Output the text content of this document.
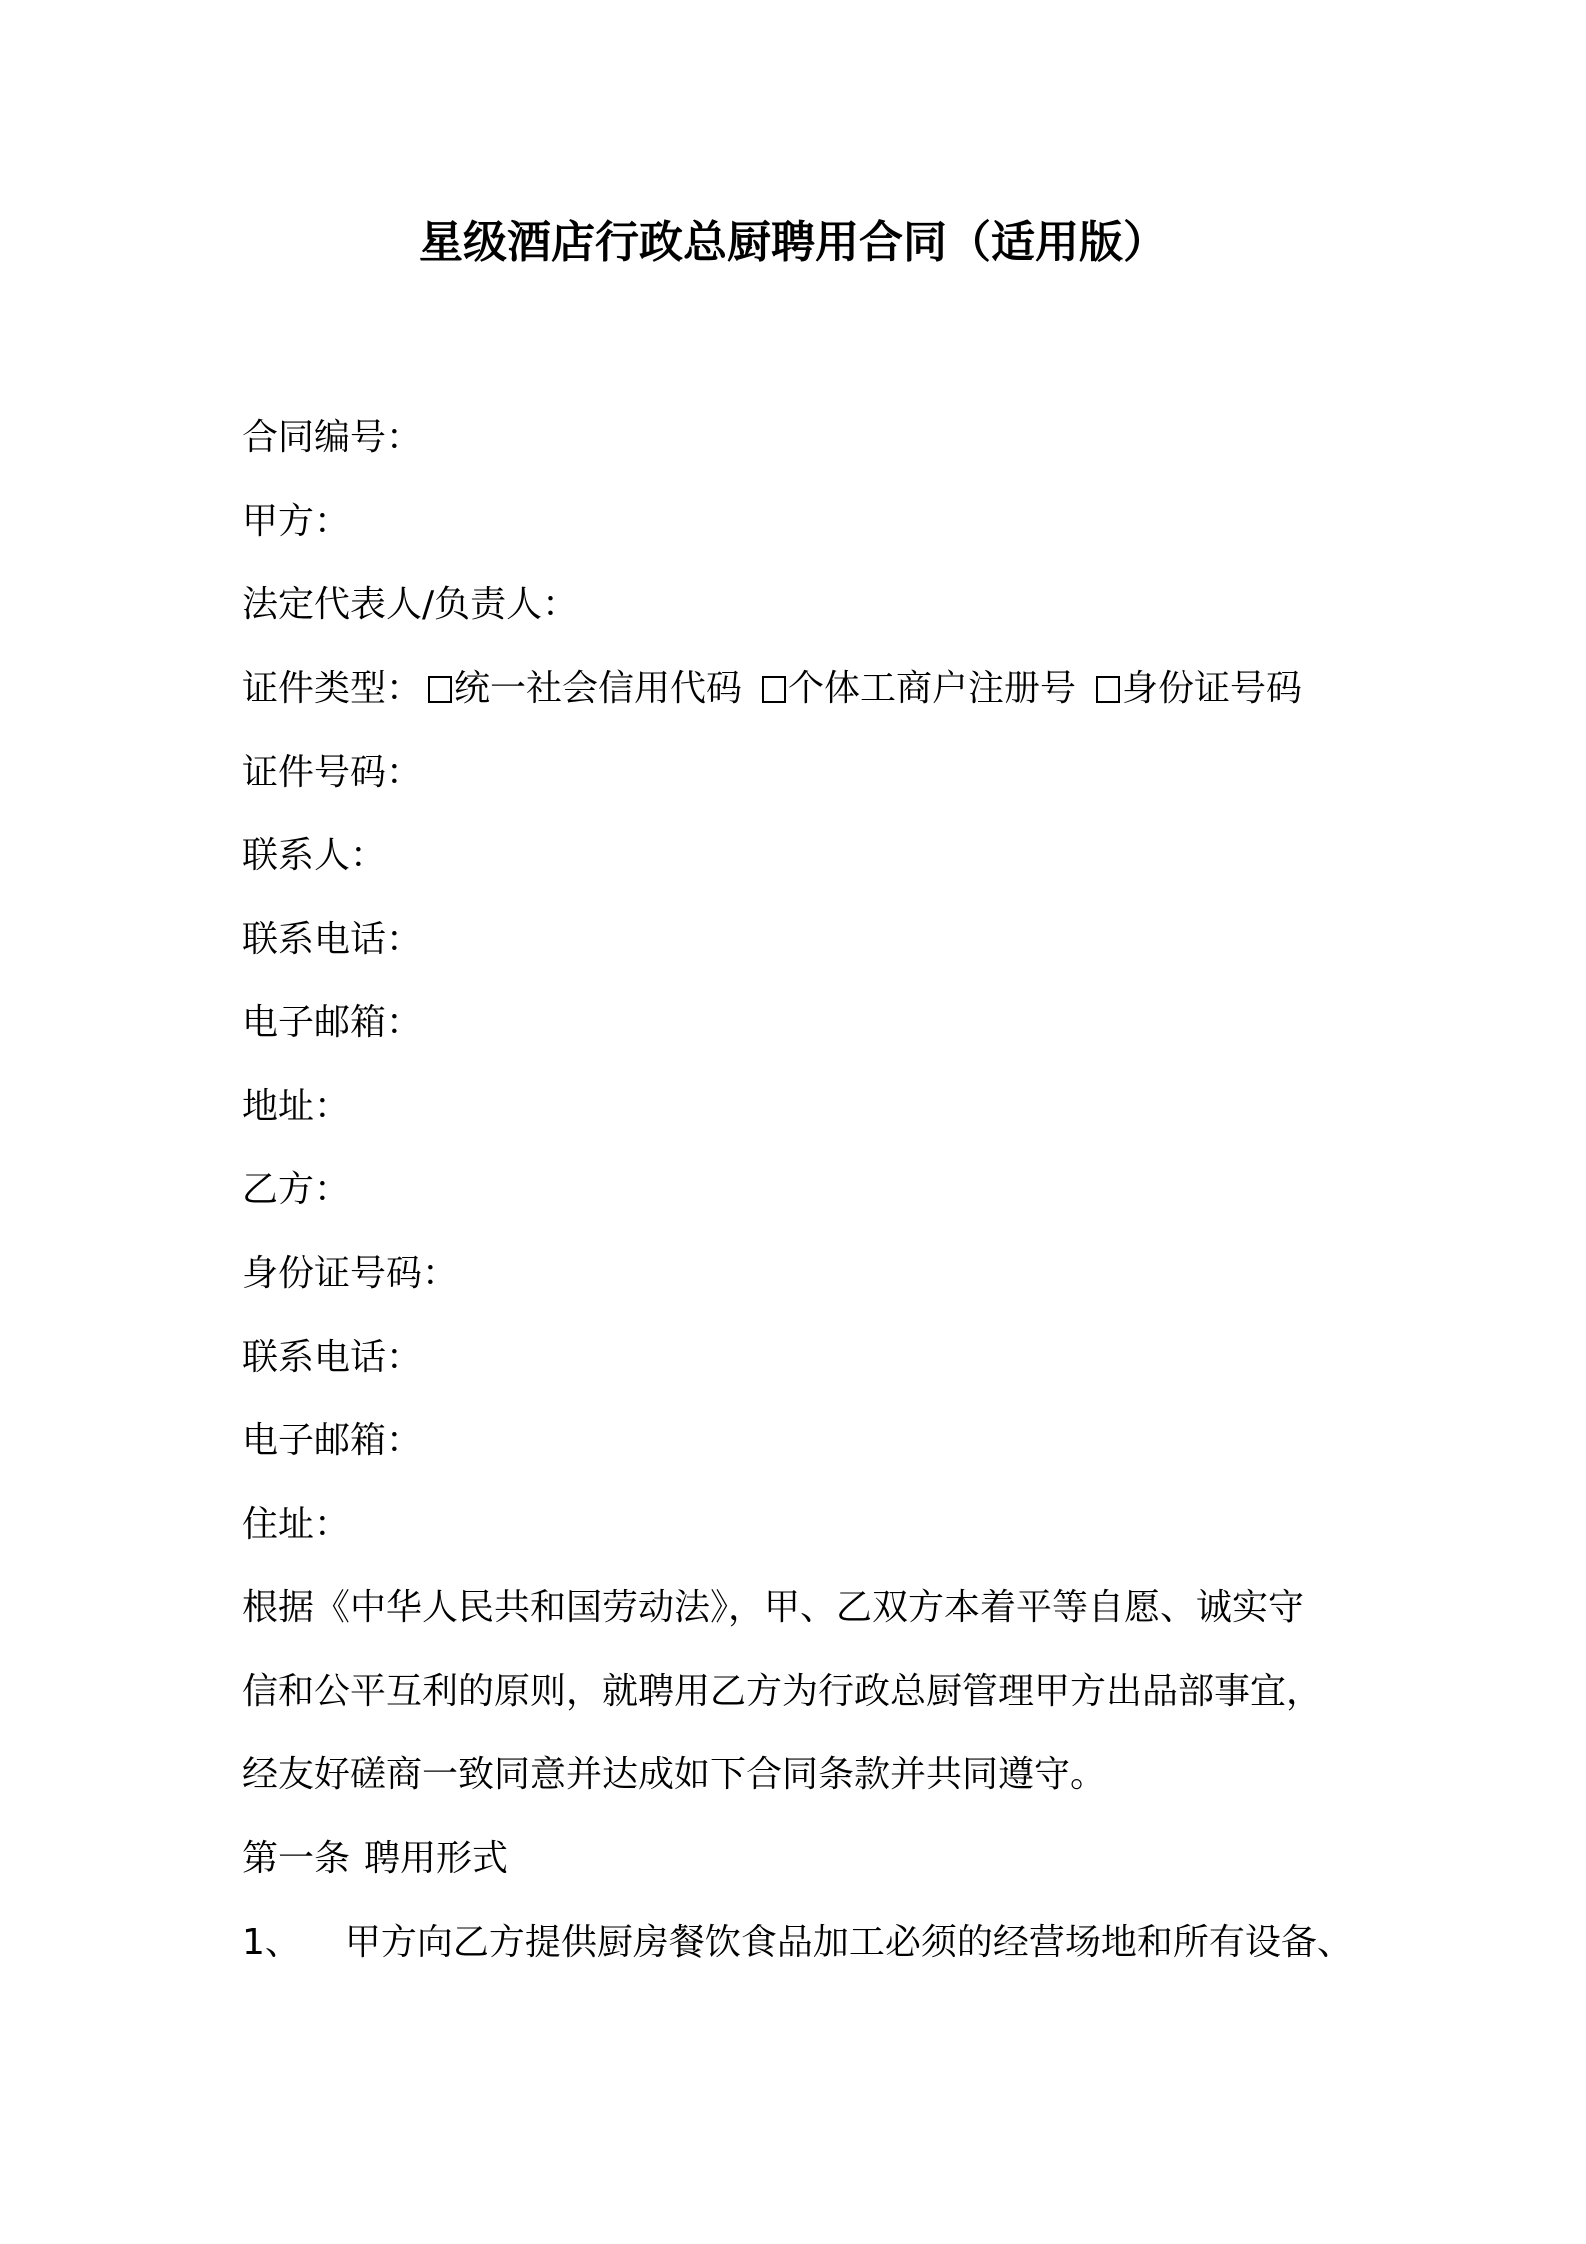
星级酒店行政总厨聘用合同（适用版）
合同编号：
甲方：
法定代表人/负责人：
证件类型： 统一社会信用代码 个体工商户注册号 身份证号码
证件号码：
联系人：
联系电话：
电子邮箱：
地址：
乙方：
身份证号码：
联系电话：
电子邮箱：
住址：
根据《中华人民共和国劳动法》，甲、乙双方本着平等自愿、诚实守
信和公平互利的原则，就聘用乙方为行政总厨管理甲方出品部事宜，
经友好磋商一致同意并达成如下合同条款并共同遵守。
第一条 聘用形式
1、 甲方向乙方提供厨房餐饮食品加工必须的经营场地和所有设备、
